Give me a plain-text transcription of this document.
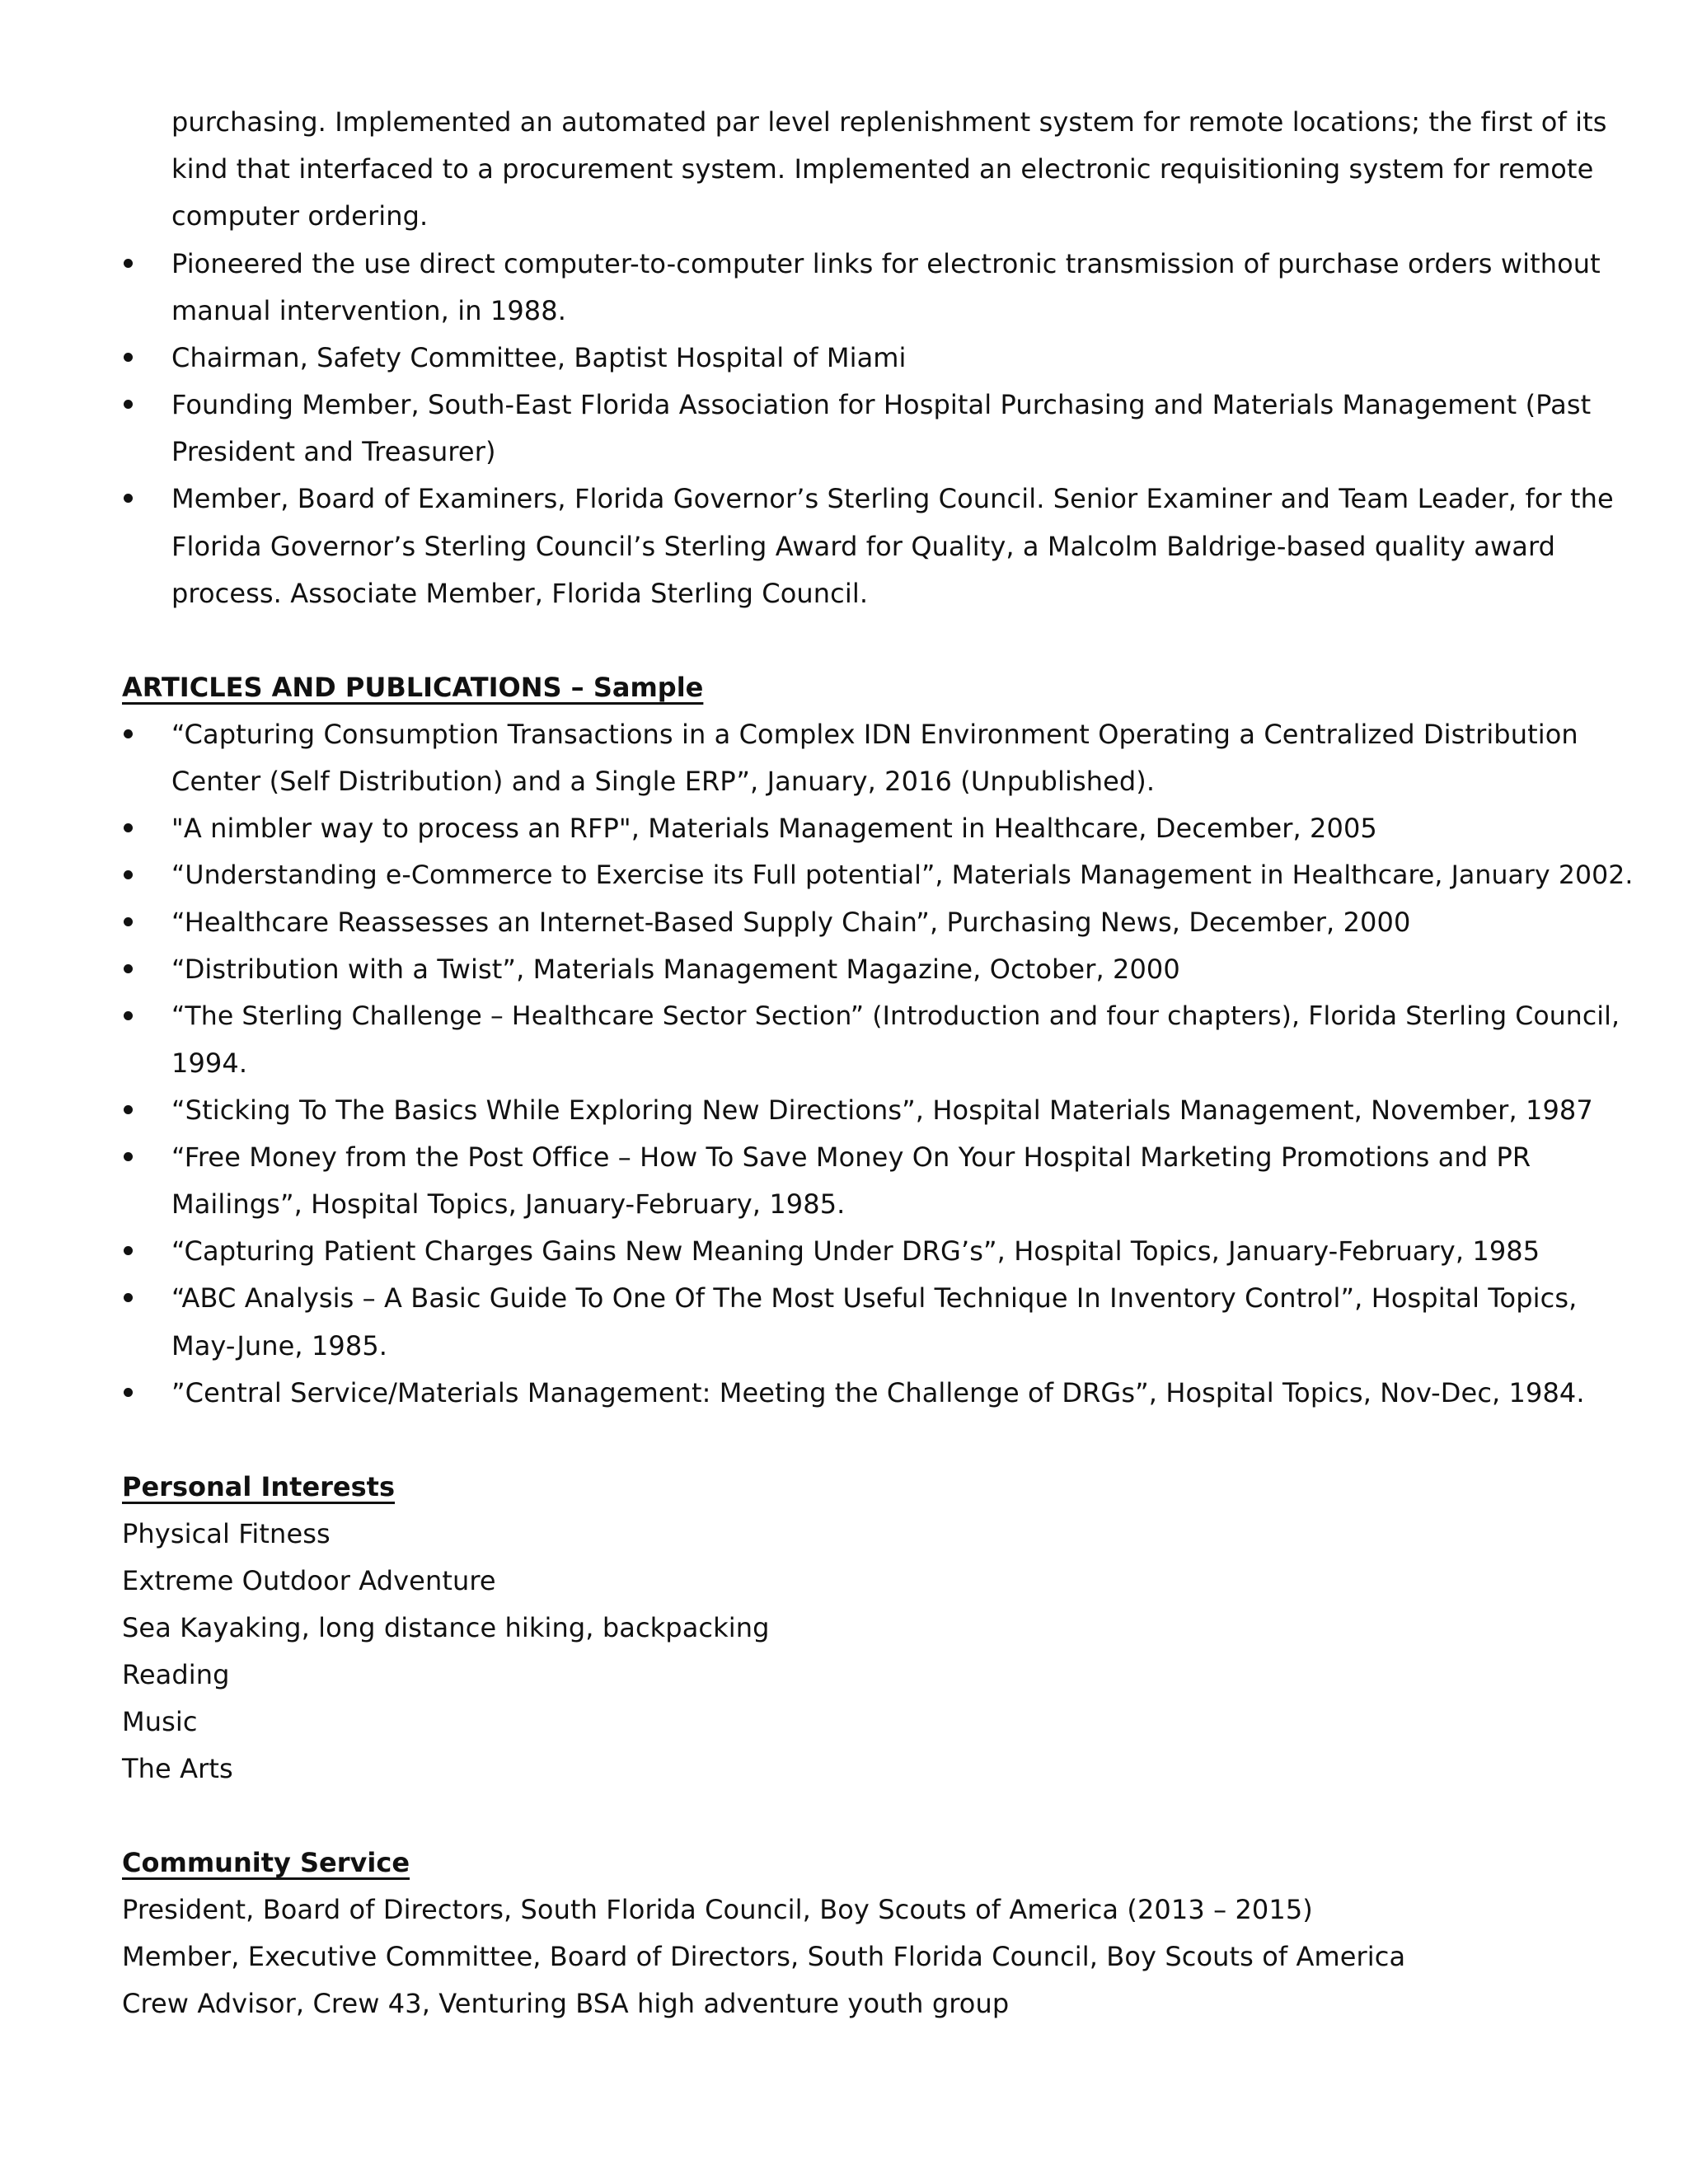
purchasing. Implemented an automated par level replenishment system for remote locations; the first of its
kind that interfaced to a procurement system. Implemented an electronic requisitioning system for remote
computer ordering.
Pioneered the use direct computer-to-computer links for electronic transmission of purchase orders without
manual intervention, in 1988.
Chairman, Safety Committee, Baptist Hospital of Miami
Founding Member, South-East Florida Association for Hospital Purchasing and Materials Management (Past
President and Treasurer)
Member, Board of Examiners, Florida Governor’s Sterling Council. Senior Examiner and Team Leader, for the
Florida Governor’s Sterling Council’s Sterling Award for Quality, a Malcolm Baldrige-based quality award
process. Associate Member, Florida Sterling Council.
ARTICLES AND PUBLICATIONS – Sample
“Capturing Consumption Transactions in a Complex IDN Environment Operating a Centralized Distribution
Center (Self Distribution) and a Single ERP”, January, 2016 (Unpublished).
"A nimbler way to process an RFP", Materials Management in Healthcare, December, 2005
“Understanding e-Commerce to Exercise its Full potential”, Materials Management in Healthcare, January 2002.
“Healthcare Reassesses an Internet-Based Supply Chain”, Purchasing News, December, 2000
“Distribution with a Twist”, Materials Management Magazine, October, 2000
“The Sterling Challenge – Healthcare Sector Section” (Introduction and four chapters), Florida Sterling Council,
1994.
“Sticking To The Basics While Exploring New Directions”, Hospital Materials Management, November, 1987
“Free Money from the Post Office – How To Save Money On Your Hospital Marketing Promotions and PR
Mailings”, Hospital Topics, January-February, 1985.
“Capturing Patient Charges Gains New Meaning Under DRG’s”, Hospital Topics, January-February, 1985
“ABC Analysis – A Basic Guide To One Of The Most Useful Technique In Inventory Control”, Hospital Topics,
May-June, 1985.
”Central Service/Materials Management: Meeting the Challenge of DRGs”, Hospital Topics, Nov-Dec, 1984.
Personal Interests
Physical Fitness
Extreme Outdoor Adventure
Sea Kayaking, long distance hiking, backpacking
Reading
Music
The Arts
Community Service
President, Board of Directors, South Florida Council, Boy Scouts of America (2013 – 2015)
Member, Executive Committee, Board of Directors, South Florida Council, Boy Scouts of America
Crew Advisor, Crew 43, Venturing BSA high adventure youth group
